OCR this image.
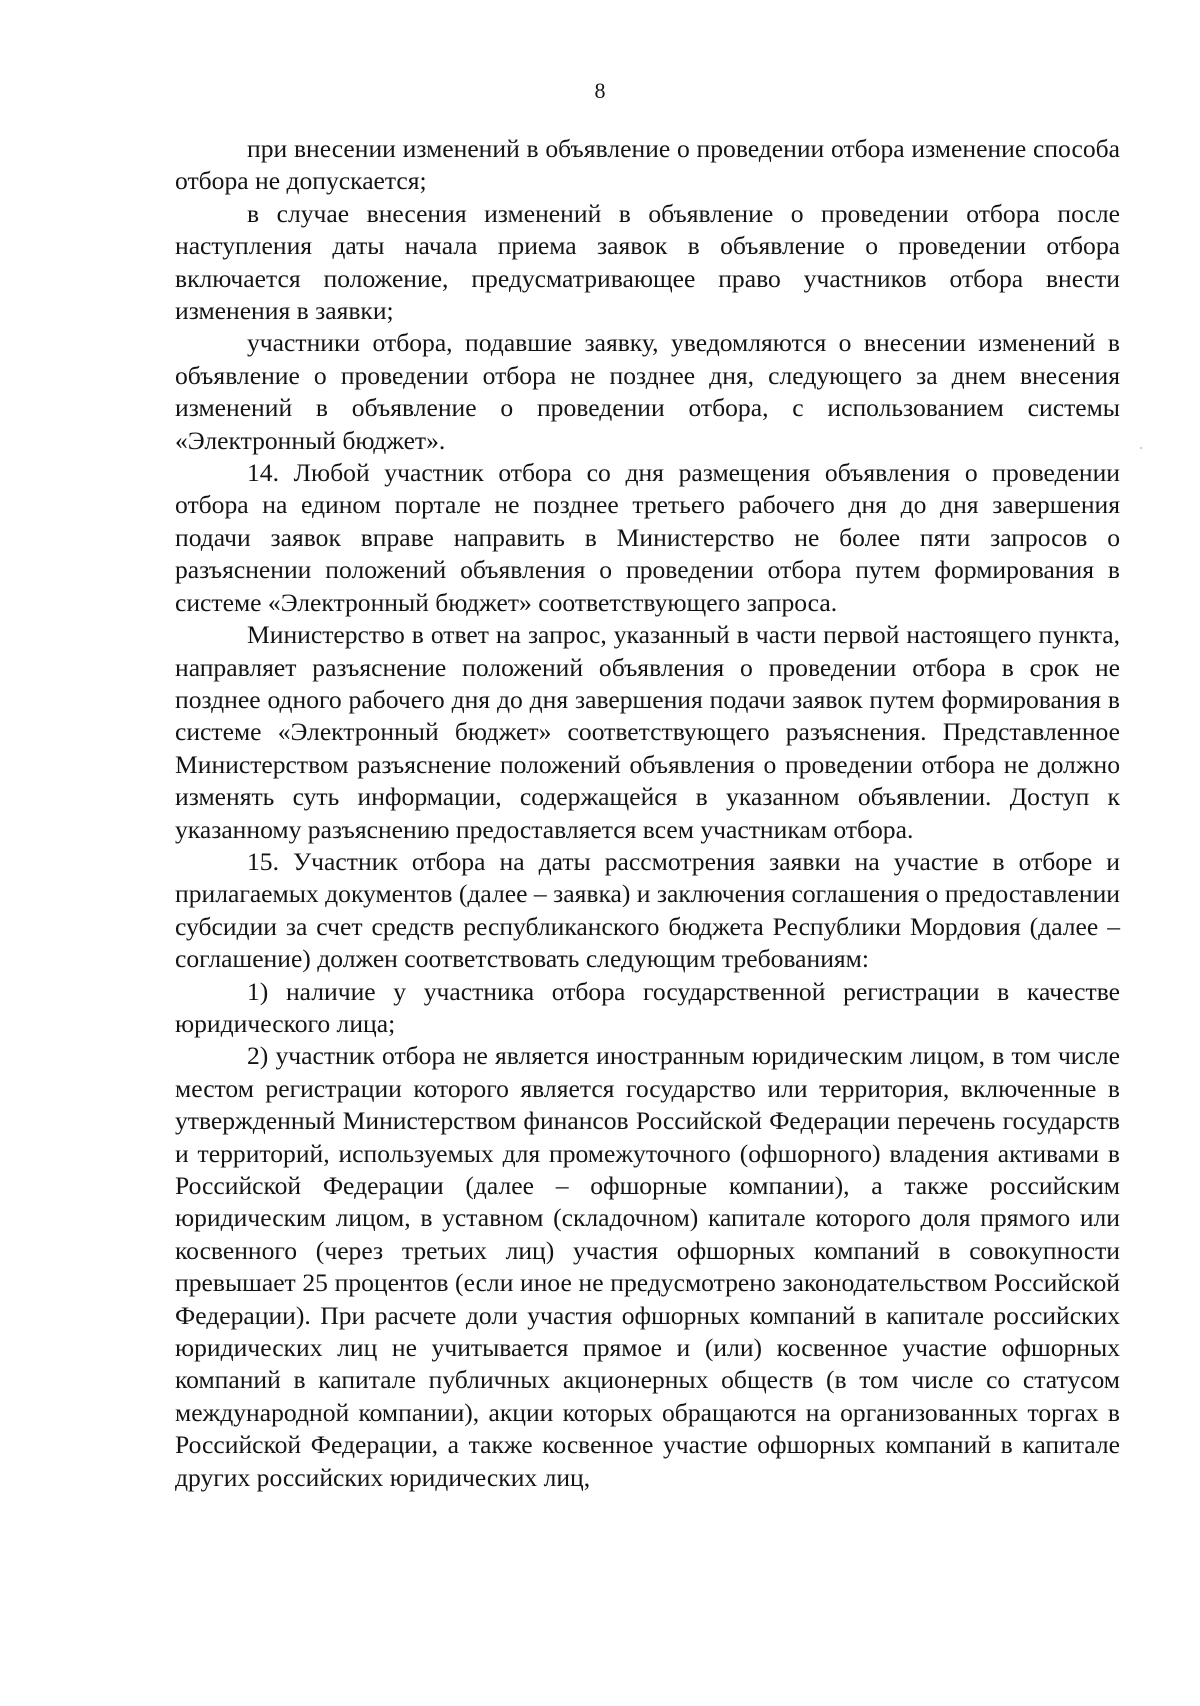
8

при внесении изменений в объявление о проведении отбора изменение способа отбора не допускается;

в случае внесения изменений в объявление о проведении отбора после наступления даты начала приема заявок в объявление о проведении отбора включается положение, предусматривающее право участников отбора внести изменения в заявки;

участники отбора, подавшие заявку, уведомляются о внесении изменений в объявление о проведении отбора не позднее дня, следующего за днем внесения изменений в объявление о проведении отбора, с использованием системы «Электронный бюджет».

14. Любой участник отбора со дня размещения объявления о проведении отбора на едином портале не позднее третьего рабочего дня до дня завершения подачи заявок вправе направить в Министерство не более пяти запросов о разъяснении положений объявления о проведении отбора путем формирования в системе «Электронный бюджет» соответствующего запроса.

Министерство в ответ на запрос, указанный в части первой настоящего пункта, направляет разъяснение положений объявления о проведении отбора в срок не позднее одного рабочего дня до дня завершения подачи заявок путем формирования в системе «Электронный бюджет» соответствующего разъяснения. Представленное Министерством разъяснение положений объявления о проведении отбора не должно изменять суть информации, содержащейся в указанном объявлении. Доступ к указанному разъяснению предоставляется всем участникам отбора.

15. Участник отбора на даты рассмотрения заявки на участие в отборе и прилагаемых документов (далее – заявка) и заключения соглашения о предоставлении субсидии за счет средств республиканского бюджета Республики Мордовия (далее – соглашение) должен соответствовать следующим требованиям:

1) наличие у участника отбора государственной регистрации в качестве юридического лица;

2) участник отбора не является иностранным юридическим лицом, в том числе местом регистрации которого является государство или территория, включенные в утвержденный Министерством финансов Российской Федерации перечень государств и территорий, используемых для промежуточного (офшорного) владения активами в Российской Федерации (далее – офшорные компании), а также российским юридическим лицом, в уставном (складочном) капитале которого доля прямого или косвенного (через третьих лиц) участия офшорных компаний в совокупности превышает 25 процентов (если иное не предусмотрено законодательством Российской Федерации). При расчете доли участия офшорных компаний в капитале российских юридических лиц не учитывается прямое и (или) косвенное участие офшорных компаний в капитале публичных акционерных обществ (в том числе со статусом международной компании), акции которых обращаются на организованных торгах в Российской Федерации, а также косвенное участие офшорных компаний в капитале других российских юридических лиц,
